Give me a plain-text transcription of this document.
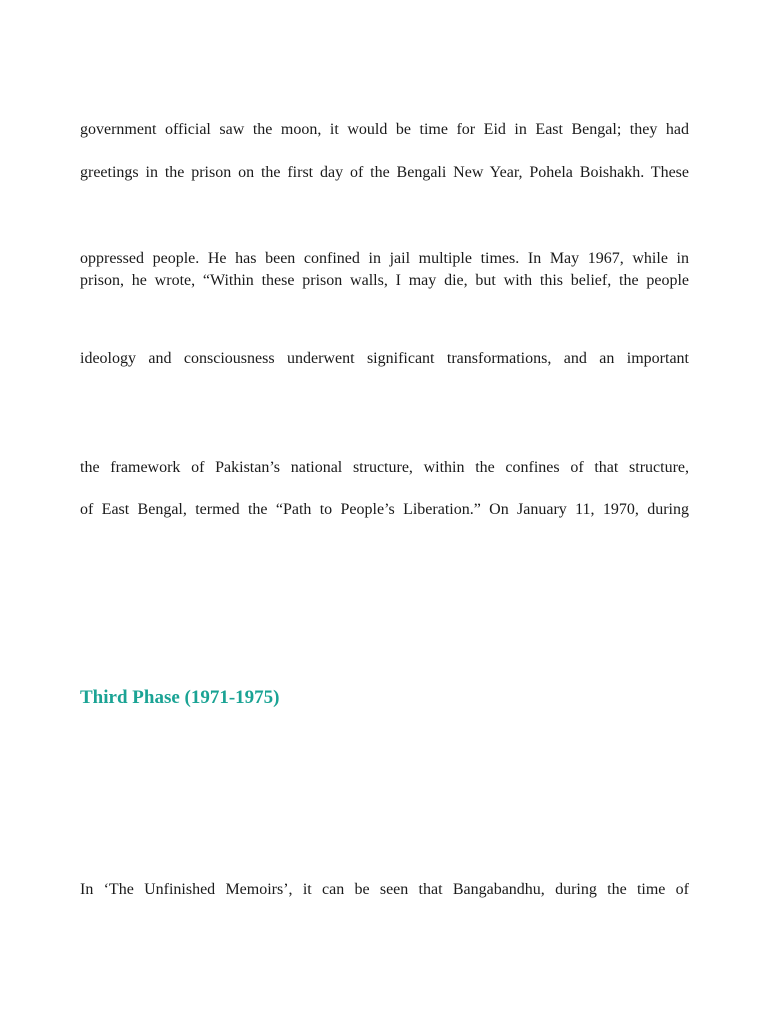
government official saw the moon, it would be time for Eid in East Bengal; they had
greetings in the prison on the first day of the Bengali New Year, Pohela Boishakh. These
oppressed people. He has been confined in jail multiple times. In May 1967, while in
prison, he wrote, “Within these prison walls, I may die, but with this belief, the people
ideology and consciousness underwent significant transformations, and an important
the framework of Pakistan’s national structure, within the confines of that structure,
of East Bengal, termed the “Path to People’s Liberation.” On January 11, 1970, during
Third Phase (1971-1975)
In ‘The Unfinished Memoirs’, it can be seen that Bangabandhu, during the time of
